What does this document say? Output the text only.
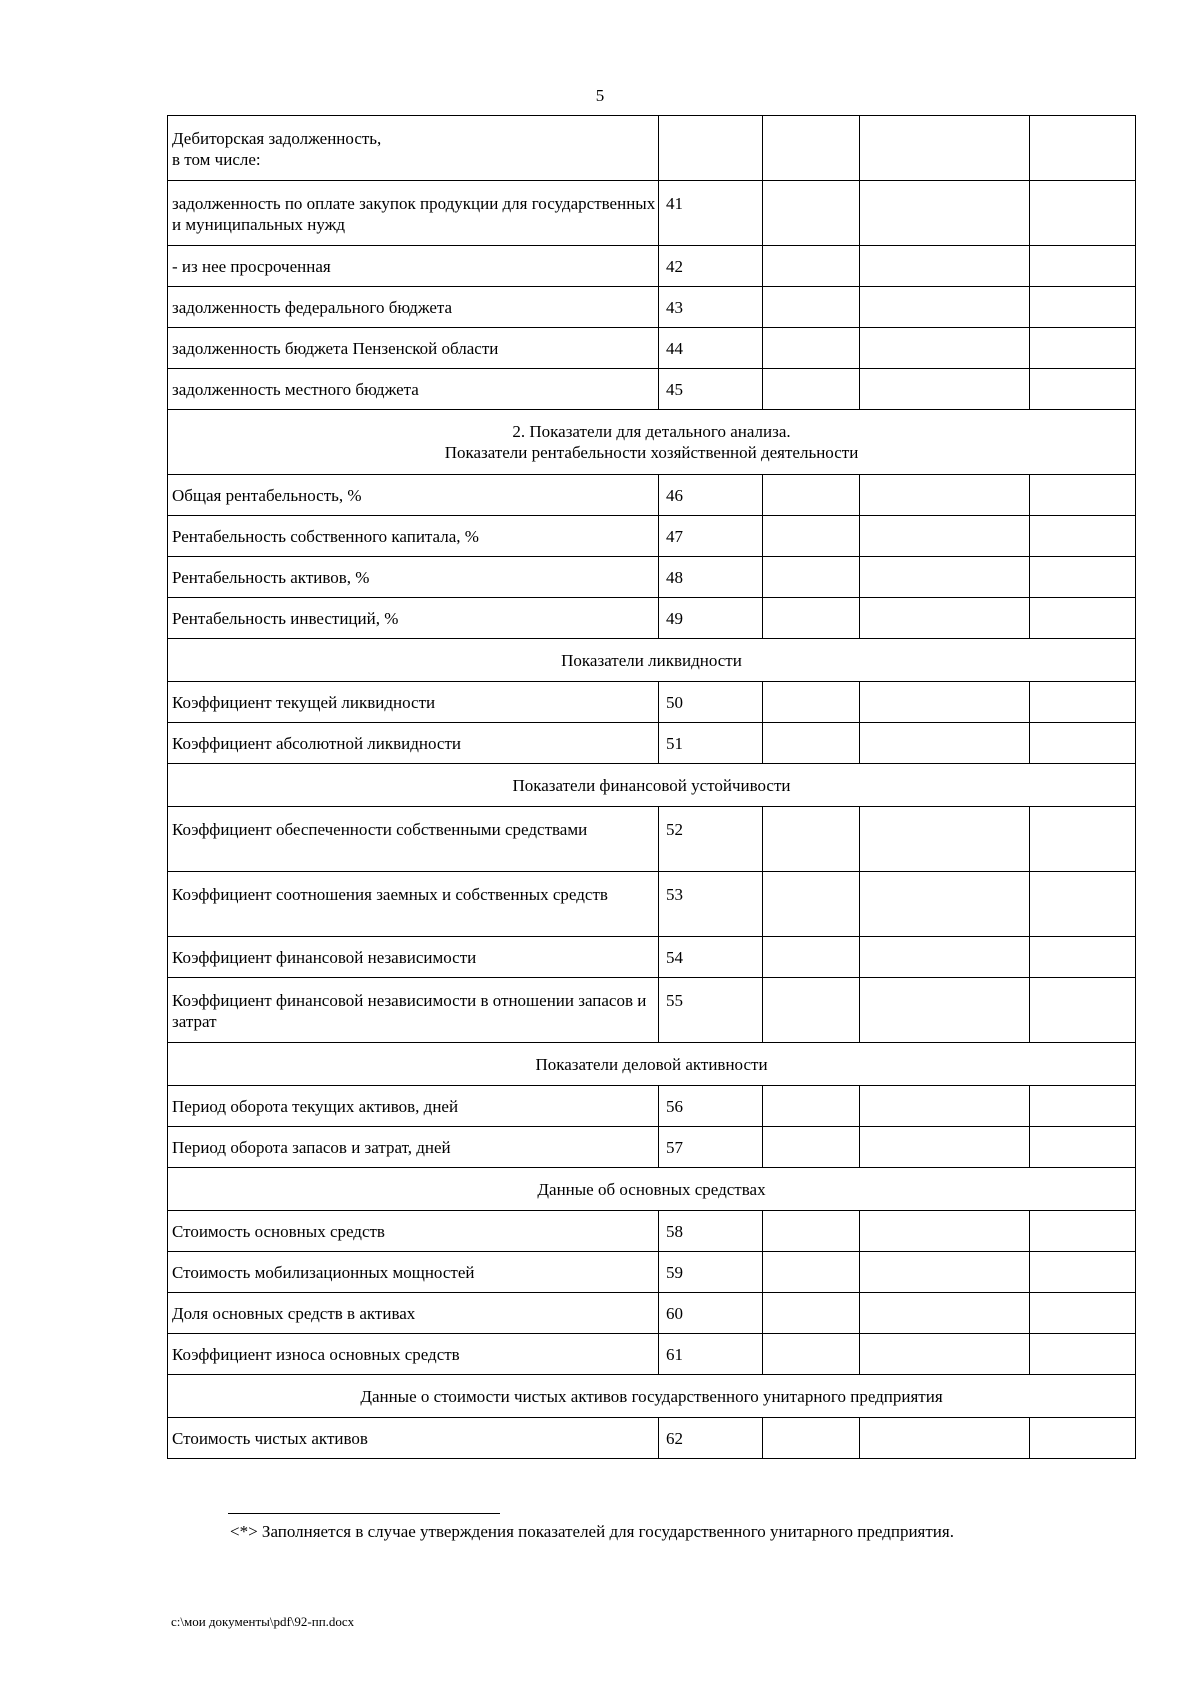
5
Дебиторская задолженность,
в том числе:				
задолженность по оплате закупок продукции для государственных и муниципальных нужд	41			
- из нее просроченная	42			
задолженность федерального бюджета	43			
задолженность бюджета Пензенской области	44			
задолженность местного бюджета	45			
2. Показатели для детального анализа.
Показатели рентабельности хозяйственной деятельности				
Общая рентабельность, %	46			
Рентабельность собственного капитала, %	47			
Рентабельность активов, %	48			
Рентабельность инвестиций, %	49			
Показатели ликвидности				
Коэффициент текущей ликвидности	50			
Коэффициент абсолютной ликвидности	51			
Показатели финансовой устойчивости				
Коэффициент обеспеченности собственными средствами	52			
Коэффициент соотношения заемных и собственных средств	53			
Коэффициент финансовой независимости	54			
Коэффициент финансовой независимости в отношении запасов и затрат	55			
Показатели деловой активности				
Период оборота текущих активов, дней	56			
Период оборота запасов и затрат, дней	57			
Данные об основных средствах				
Стоимость основных средств	58			
Стоимость мобилизационных мощностей	59			
Доля основных средств в активах	60			
Коэффициент износа основных средств	61			
Данные о стоимости чистых активов государственного унитарного предприятия				
Стоимость чистых активов	62			
<*> Заполняется в случае утверждения показателей для государственного унитарного предприятия.
c:\мои документы\pdf\92-пп.docx
